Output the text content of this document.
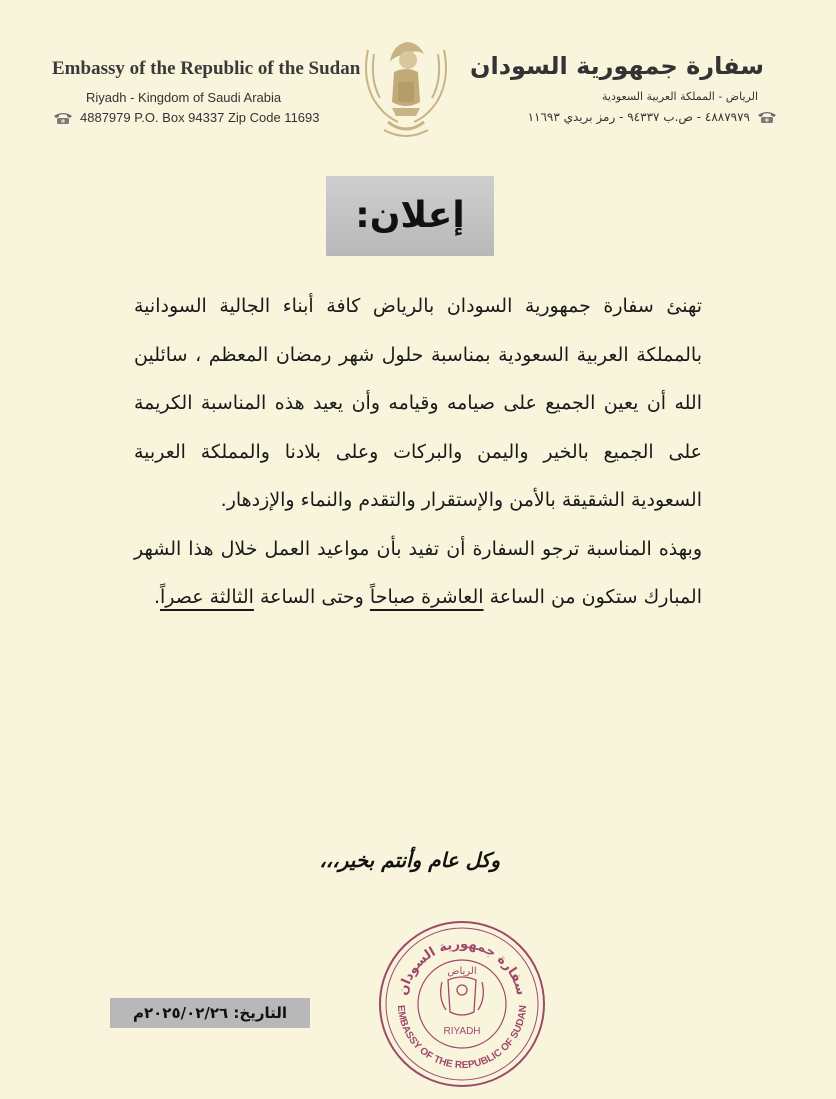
Embassy of the Republic of the Sudan
Riyadh - Kingdom of Saudi Arabia
4887979 P.O. Box 94337 Zip Code 11693
سفارة جمهورية السودان
الرياض - المملكة العربية السعودية
٤٨٨٧٩٧٩ - ص.ب ٩٤٣٣٧ - رمز بريدي ١١٦٩٣
إعلان:

تهنئ سفارة جمهورية السودان بالرياض كافة أبناء الجالية السودانية بالمملكة العربية السعودية بمناسبة حلول شهر رمضان المعظم ، سائلين الله أن يعين الجميع على صيامه وقيامه وأن يعيد هذه المناسبة الكريمة على الجميع بالخير واليمن والبركات وعلى بلادنا والمملكة العربية السعودية الشقيقة بالأمن والإستقرار والتقدم والنماء والإزدهار.

وبهذه المناسبة ترجو السفارة أن تفيد بأن مواعيد العمل خلال هذا الشهر المبارك ستكون من الساعة العاشرة صباحاً وحتى الساعة الثالثة عصراً.

وكل عام وأنتم بخير،،،
سفارة جمهورية السودان
EMBASSY OF THE REPUBLIC OF SUDAN
الرياض
RIYADH
التاريخ: ٢٠٢٥/٠٢/٢٦م
